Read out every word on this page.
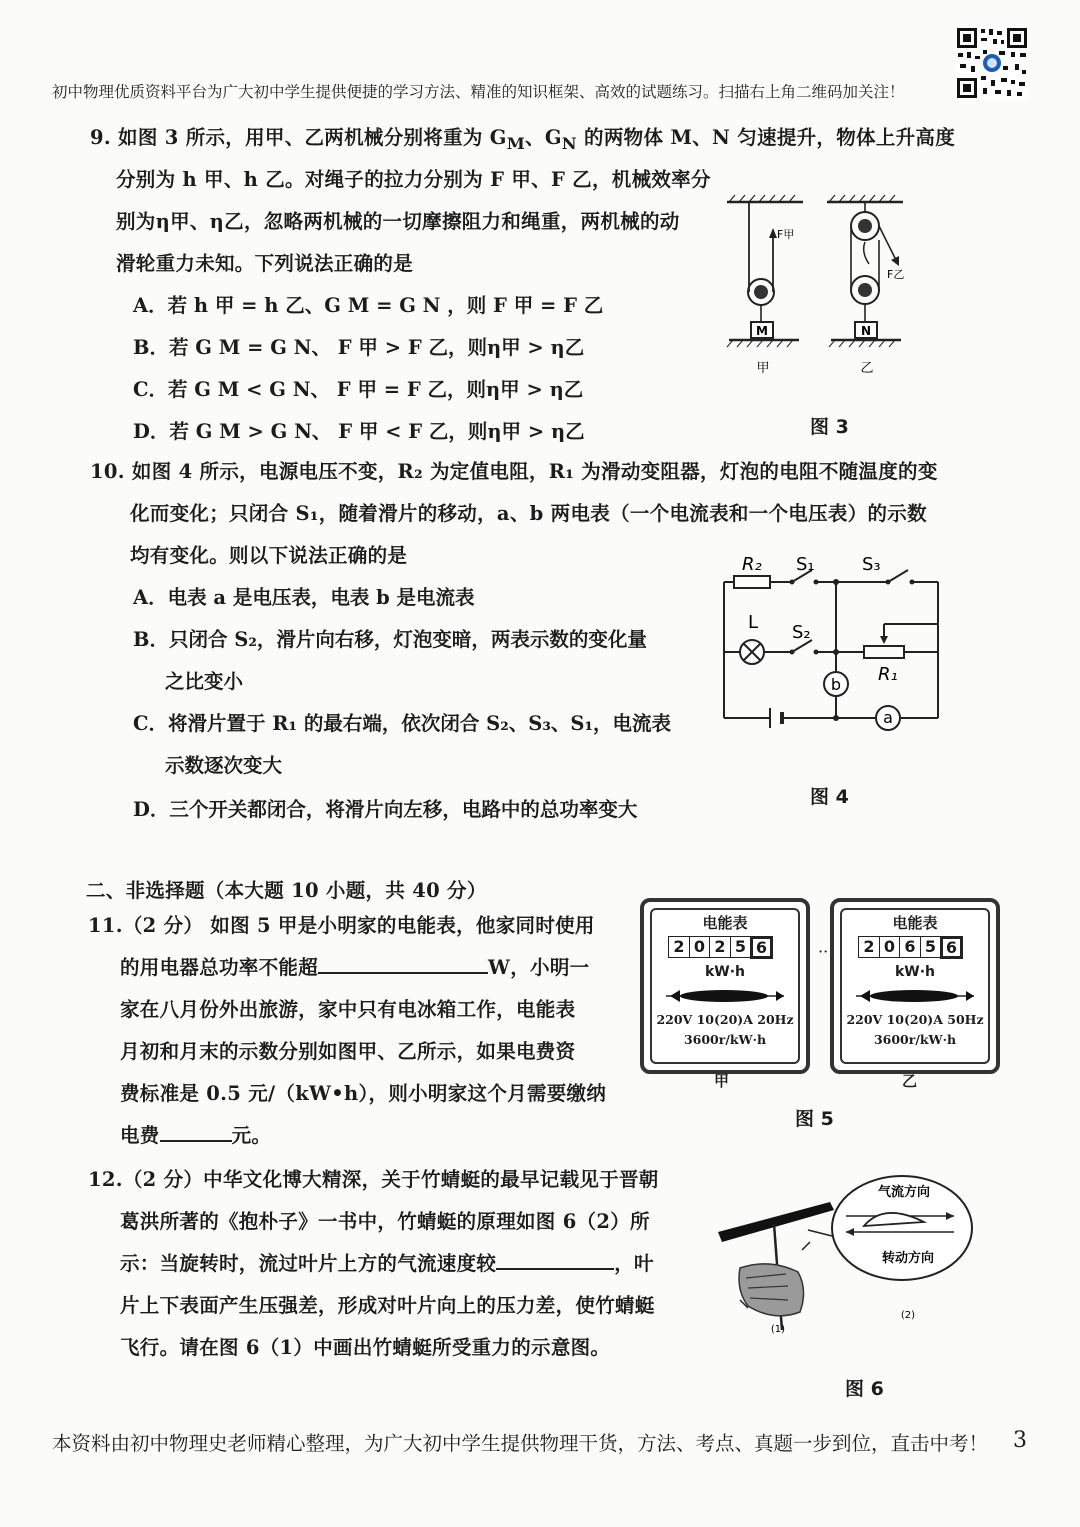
初中物理优质资料平台为广大初中学生提供便捷的学习方法、精准的知识框架、高效的试题练习。扫描右上角二维码加关注！
9. 如图 3 所示，用甲、乙两机械分别将重为 $G_M$、$G_N$ 的两物体 M、N 匀速提升，物体上升高度
分别为 h 甲、h 乙。对绳子的拉力分别为 F 甲、F 乙，机械效率分
别为η甲、η乙，忽略两机械的一切摩擦阻力和绳重，两机械的动
滑轮重力未知。下列说法正确的是
A．若 h 甲 = h 乙、G M = G N ，则 F 甲 = F 乙
B．若 G M = G N、 F 甲 > F 乙，则η甲 > η乙
C．若 G M < G N、 F 甲 = F 乙，则η甲 > η乙
D．若 G M > G N、 F 甲 < F 乙，则η甲 > η乙
M
F甲
甲
N
F乙
乙
图 3
10. 如图 4 所示，电源电压不变，R₂ 为定值电阻，R₁ 为滑动变阻器，灯泡的电阻不随温度的变
化而变化；只闭合 S₁，随着滑片的移动，a、b 两电表（一个电流表和一个电压表）的示数
均有变化。则以下说法正确的是
A．电表 a 是电压表，电表 b 是电流表
B．只闭合 S₂，滑片向右移，灯泡变暗，两表示数的变化量
之比变小
C．将滑片置于 R₁ 的最右端，依次闭合 S₂、S₃、S₁，电流表
示数逐次变大
D．三个开关都闭合，将滑片向左移，电路中的总功率变大
b
a
R₂ S₁	S₃
L S₂
R₁
图 4
二、非选择题（本大题 10 小题，共 40 分）
11.（2 分） 如图 5 甲是小明家的电能表，他家同时使用
的用电器总功率不能超	W，小明一
家在八月份外出旅游，家中只有电冰箱工作，电能表
月初和月末的示数分别如图甲、乙所示，如果电费资
费标准是 0.5 元/（kW•h），则小明家这个月需要缴纳
电费	元。
电能表
2 0 2 5 6
kW·h
220V 10(20)A 20Hz
3600r/kW·h
··
电能表
2 0 6 5 6
kW·h
220V 10(20)A 50Hz
3600r/kW·h
甲	乙
图 5
12.（2 分）中华文化博大精深，关于竹蜻蜓的最早记载见于晋朝
葛洪所著的《抱朴子》一书中，竹蜻蜓的原理如图 6（2）所
示：当旋转时，流过叶片上方的气流速度较	，叶
片上下表面产生压强差，形成对叶片向上的压力差，使竹蜻蜓
飞行。请在图 6（1）中画出竹蜻蜓所受重力的示意图。
(1)
气流方向
转动方向
(2)
图 6
本资料由初中物理史老师精心整理，为广大初中学生提供物理干货，方法、考点、真题一步到位，直击中考！ 3
